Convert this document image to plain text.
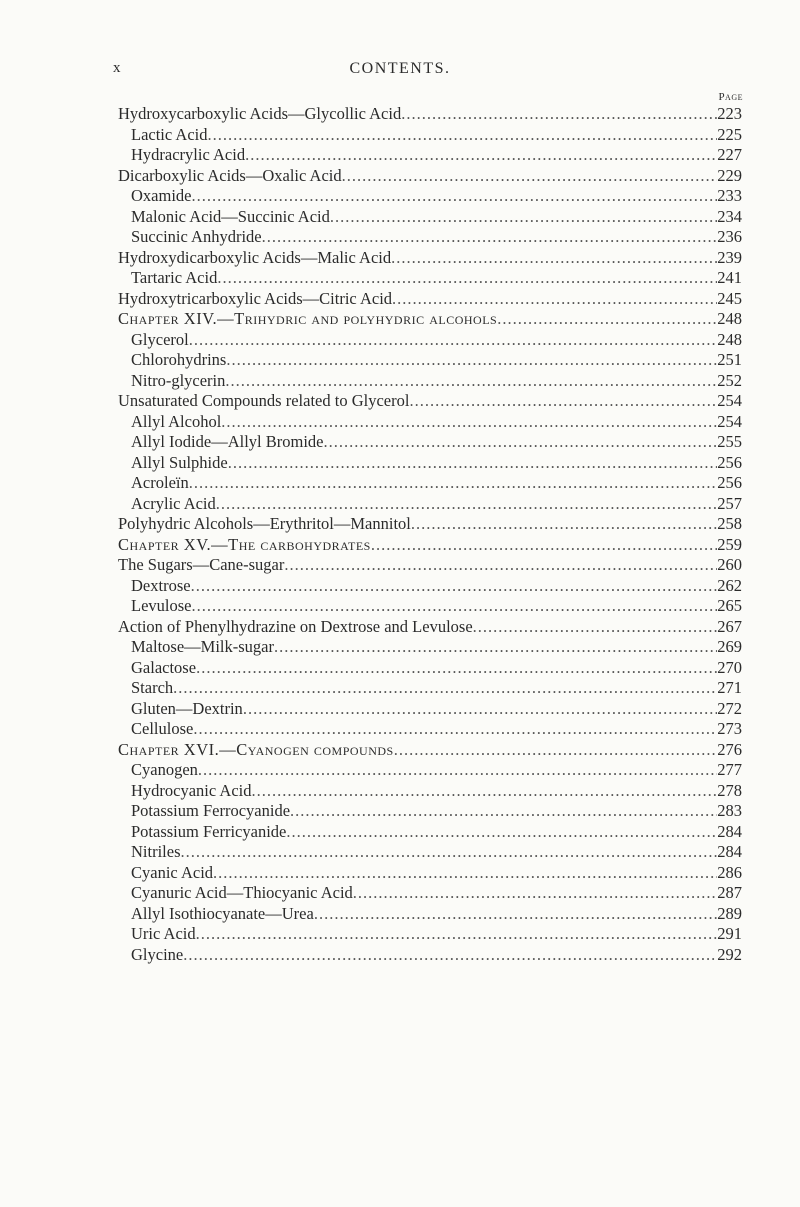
x	CONTENTS.
Page
Hydroxycarboxylic Acids—Glycollic Acid .....	223
Lactic Acid .....	225
Hydracrylic Acid .....	227
Dicarboxylic Acids—Oxalic Acid .....	229
Oxamide .....	233
Malonic Acid—Succinic Acid .....	234
Succinic Anhydride .....	236
Hydroxydicarboxylic Acids—Malic Acid .....	239
Tartaric Acid .....	241
Hydroxytricarboxylic Acids—Citric Acid .....	245
Chapter XIV.—Trihydric and polyhydric alcohols .....	248
Glycerol .....	248
Chlorohydrins .....	251
Nitro-glycerin .....	252
Unsaturated Compounds related to Glycerol .....	254
Allyl Alcohol .....	254
Allyl Iodide—Allyl Bromide .....	255
Allyl Sulphide .....	256
Acroleïn .....	256
Acrylic Acid .....	257
Polyhydric Alcohols—Erythritol—Mannitol .....	258
Chapter XV.—The carbohydrates .....	259
The Sugars—Cane-sugar .....	260
Dextrose .....	262
Levulose .....	265
Action of Phenylhydrazine on Dextrose and Levulose .....	267
Maltose—Milk-sugar .....	269
Galactose .....	270
Starch .....	271
Gluten—Dextrin .....	272
Cellulose .....	273
Chapter XVI.—Cyanogen compounds .....	276
Cyanogen .....	277
Hydrocyanic Acid .....	278
Potassium Ferrocyanide .....	283
Potassium Ferricyanide .....	284
Nitriles .....	284
Cyanic Acid .....	286
Cyanuric Acid—Thiocyanic Acid .....	287
Allyl Isothiocyanate—Urea .....	289
Uric Acid .....	291
Glycine .....	292
